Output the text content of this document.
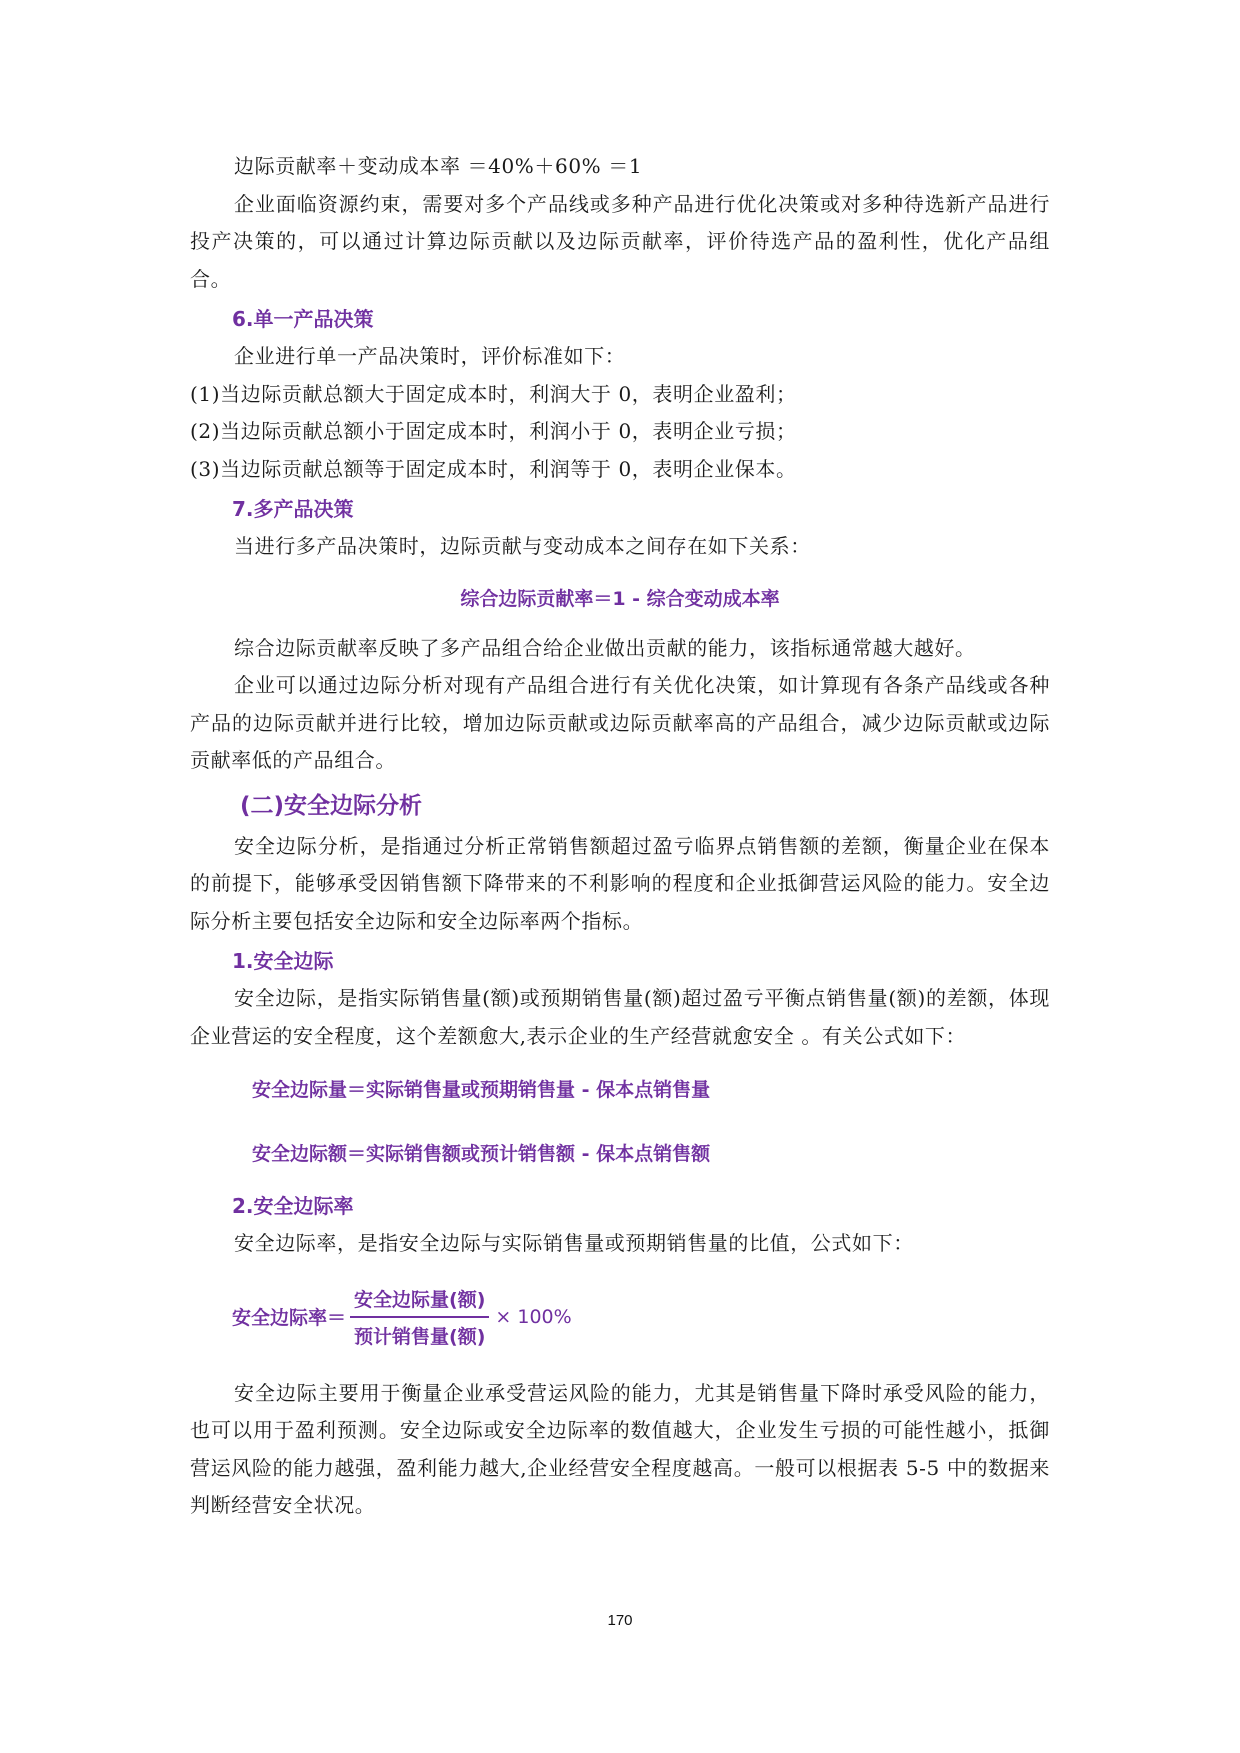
边际贡献率＋变动成本率 ＝40%＋60% ＝1

企业面临资源约束，需要对多个产品线或多种产品进行优化决策或对多种待选新产品进行投产决策的，可以通过计算边际贡献以及边际贡献率，评价待选产品的盈利性，优化产品组合。

6.单一产品决策

企业进行单一产品决策时，评价标准如下：

(1)当边际贡献总额大于固定成本时，利润大于 0，表明企业盈利；

(2)当边际贡献总额小于固定成本时，利润小于 0，表明企业亏损；

(3)当边际贡献总额等于固定成本时，利润等于 0，表明企业保本。

7.多产品决策

当进行多产品决策时，边际贡献与变动成本之间存在如下关系：

综合边际贡献率＝1 - 综合变动成本率

综合边际贡献率反映了多产品组合给企业做出贡献的能力，该指标通常越大越好。

企业可以通过边际分析对现有产品组合进行有关优化决策，如计算现有各条产品线或各种产品的边际贡献并进行比较，增加边际贡献或边际贡献率高的产品组合，减少边际贡献或边际贡献率低的产品组合。

(二)安全边际分析

安全边际分析，是指通过分析正常销售额超过盈亏临界点销售额的差额，衡量企业在保本的前提下，能够承受因销售额下降带来的不利影响的程度和企业抵御营运风险的能力。安全边际分析主要包括安全边际和安全边际率两个指标。

1.安全边际

安全边际，是指实际销售量(额)或预期销售量(额)超过盈亏平衡点销售量(额)的差额，体现企业营运的安全程度，这个差额愈大,表示企业的生产经营就愈安全 。有关公式如下：

安全边际量＝实际销售量或预期销售量 - 保本点销售量
安全边际额＝实际销售额或预计销售额 - 保本点销售额
2.安全边际率

安全边际率，是指安全边际与实际销售量或预期销售量的比值，公式如下：

安全边际率＝ $\frac{\text{安全边际量(额)}}{\text{预计销售量(额)}} \times 100\%$

安全边际主要用于衡量企业承受营运风险的能力，尤其是销售量下降时承受风险的能力，也可以用于盈利预测。安全边际或安全边际率的数值越大，企业发生亏损的可能性越小，抵御营运风险的能力越强，盈利能力越大,企业经营安全程度越高。一般可以根据表 5-5 中的数据来判断经营安全状况。

170
